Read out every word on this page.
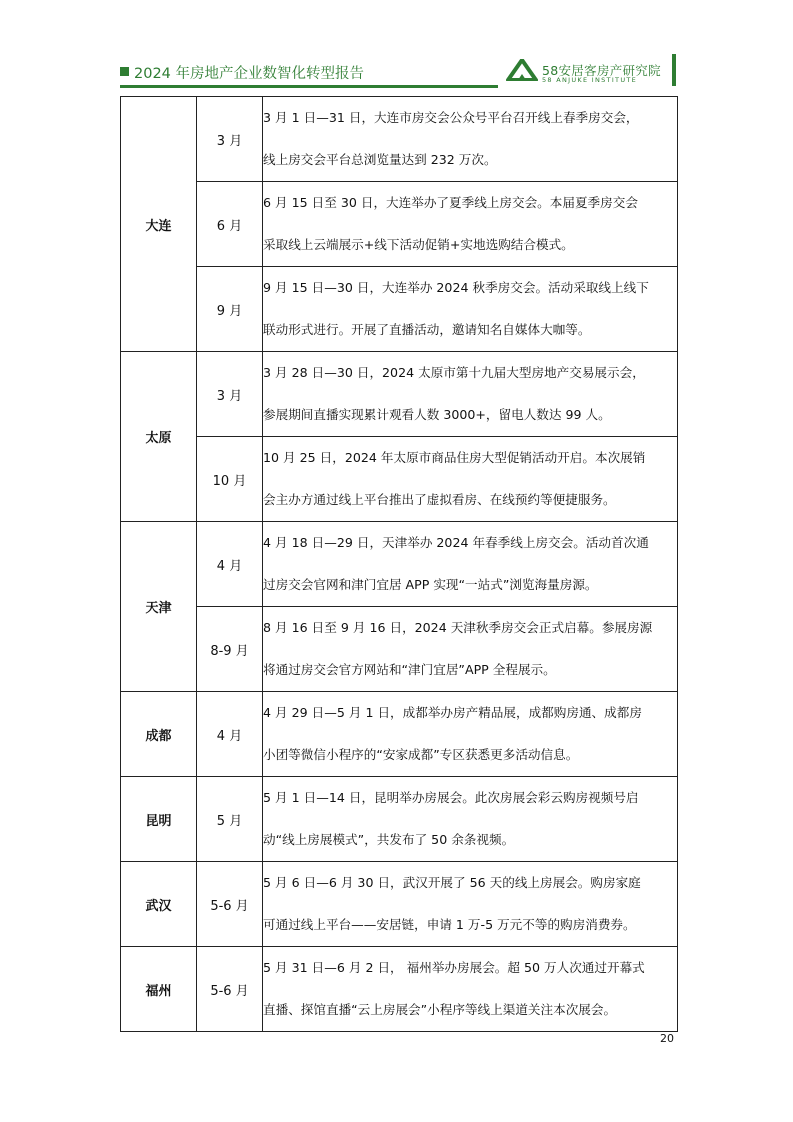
2024 年房地产企业数智化转型报告	58安居客房产研究院
58 ANJUKE INSTITUTE
大连	3 月	3 月 1 日—31 日，大连市房交会公众号平台召开线上春季房交会，
线上房交会平台总浏览量达到 232 万次。

	6 月	6 月 15 日至 30 日，大连举办了夏季线上房交会。本届夏季房交会
采取线上云端展示+线下活动促销+实地选购结合模式。

	9 月	9 月 15 日—30 日，大连举办 2024 秋季房交会。活动采取线上线下
联动形式进行。开展了直播活动，邀请知名自媒体大咖等。

太原	3 月	3 月 28 日—30 日，2024 太原市第十九届大型房地产交易展示会，
参展期间直播实现累计观看人数 3000+，留电人数达 99 人。

	10 月	10 月 25 日，2024 年太原市商品住房大型促销活动开启。本次展销
会主办方通过线上平台推出了虚拟看房、在线预约等便捷服务。

天津	4 月	4 月 18 日—29 日，天津举办 2024 年春季线上房交会。活动首次通
过房交会官网和津门宜居 APP 实现“一站式”浏览海量房源。

	8-9 月	8 月 16 日至 9 月 16 日，2024 天津秋季房交会正式启幕。参展房源
将通过房交会官方网站和“津门宜居”APP 全程展示。

成都	4 月	4 月 29 日—5 月 1 日，成都举办房产精品展，成都购房通、成都房
小团等微信小程序的“安家成都”专区获悉更多活动信息。

昆明	5 月	5 月 1 日—14 日，昆明举办房展会。此次房展会彩云购房视频号启
动“线上房展模式”，共发布了 50 余条视频。

武汉	5-6 月	5 月 6 日—6 月 30 日，武汉开展了 56 天的线上房展会。购房家庭
可通过线上平台——安居链，申请 1 万-5 万元不等的购房消费券。

福州	5-6 月	5 月 31 日—6 月 2 日， 福州举办房展会。超 50 万人次通过开幕式
直播、探馆直播“云上房展会”小程序等线上渠道关注本次展会。
20
